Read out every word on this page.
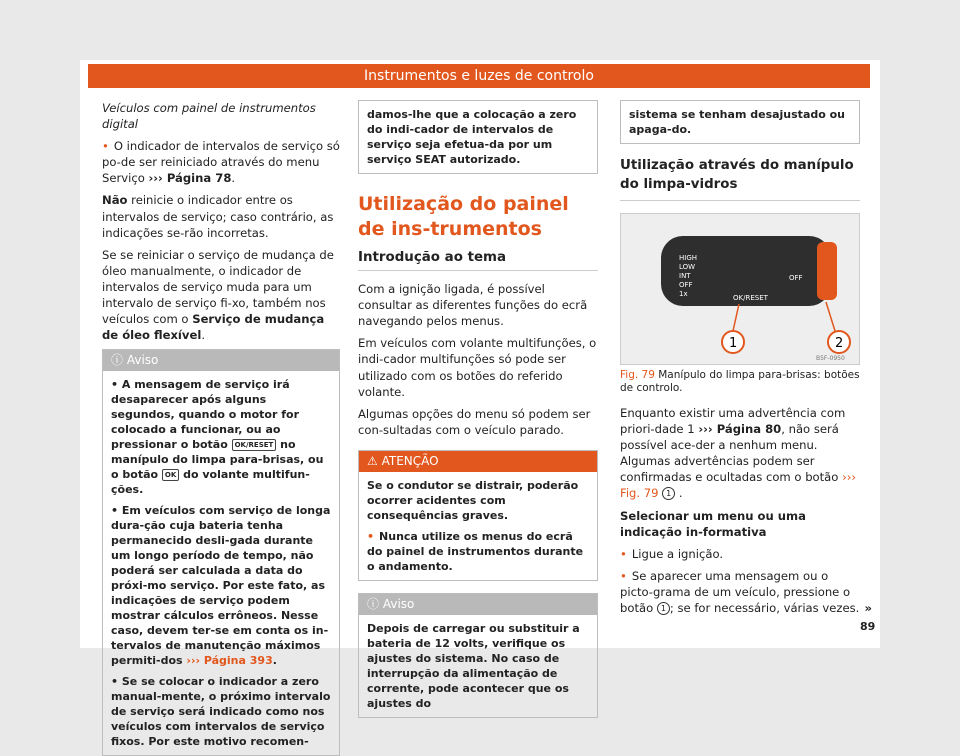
Instrumentos e luzes de controlo

Veículos com painel de instrumentos digital

• O indicador de intervalos de serviço só po-de ser reiniciado através do menu Serviço ››› Página 78.

Não reinicie o indicador entre os intervalos de serviço; caso contrário, as indicações se-rão incorretas.

Se se reiniciar o serviço de mudança de óleo manualmente, o indicador de intervalos de serviço muda para um intervalo de serviço fi-xo, também nos veículos com o Serviço de mudança de óleo flexível.

ⓘ Aviso

• A mensagem de serviço irá desaparecer após alguns segundos, quando o motor for colocado a funcionar, ou ao pressionar o botão OK/RESET no manípulo do limpa para-brisas, ou o botão OK do volante multifun-ções.

• Em veículos com serviço de longa dura-ção cuja bateria tenha permanecido desli-gada durante um longo período de tempo, não poderá ser calculada a data do próxi-mo serviço. Por este fato, as indicações de serviço podem mostrar cálculos errôneos. Nesse caso, devem ter-se em conta os in-tervalos de manutenção máximos permiti-dos ››› Página 393.

• Se se colocar o indicador a zero manual-mente, o próximo intervalo de serviço será indicado como nos veículos com intervalos de serviço fixos. Por este motivo recomen-

damos-lhe que a colocação a zero do indi-cador de intervalos de serviço seja efetua-da por um serviço SEAT autorizado.
Utilização do painel de ins-trumentos
Introdução ao tema

Com a ignição ligada, é possível consultar as diferentes funções do ecrã navegando pelos menus.

Em veículos com volante multifunções, o indi-cador multifunções só pode ser utilizado com os botões do referido volante.

Algumas opções do menu só podem ser con-sultadas com o veículo parado.

⚠ ATENÇÃO

Se o condutor se distrair, poderão ocorrer acidentes com consequências graves.

• Nunca utilize os menus do ecrã do painel de instrumentos durante o andamento.

ⓘ Aviso

Depois de carregar ou substituir a bateria de 12 volts, verifique os ajustes do sistema. No caso de interrupção da alimentação de corrente, pode acontecer que os ajustes do

sistema se tenham desajustado ou apaga-do.
Utilização através do manípulo do limpa-vidros
HIGH
LOW
INT
OFF
1x	OK/RESET
OFF
1	2
B5F-0950
Fig. 79 Manípulo do limpa para-brisas: botões de controlo.

Enquanto existir uma advertência com priori-dade 1 ››› Página 80, não será possível ace-der a nenhum menu. Algumas advertências podem ser confirmadas e ocultadas com o botão ››› Fig. 79 1 .

Selecionar um menu ou uma indicação in-formativa

• Ligue a ignição.

• Se aparecer uma mensagem ou o picto-grama de um veículo, pressione o botão 1 ; se for necessário, várias vezes. »

89
